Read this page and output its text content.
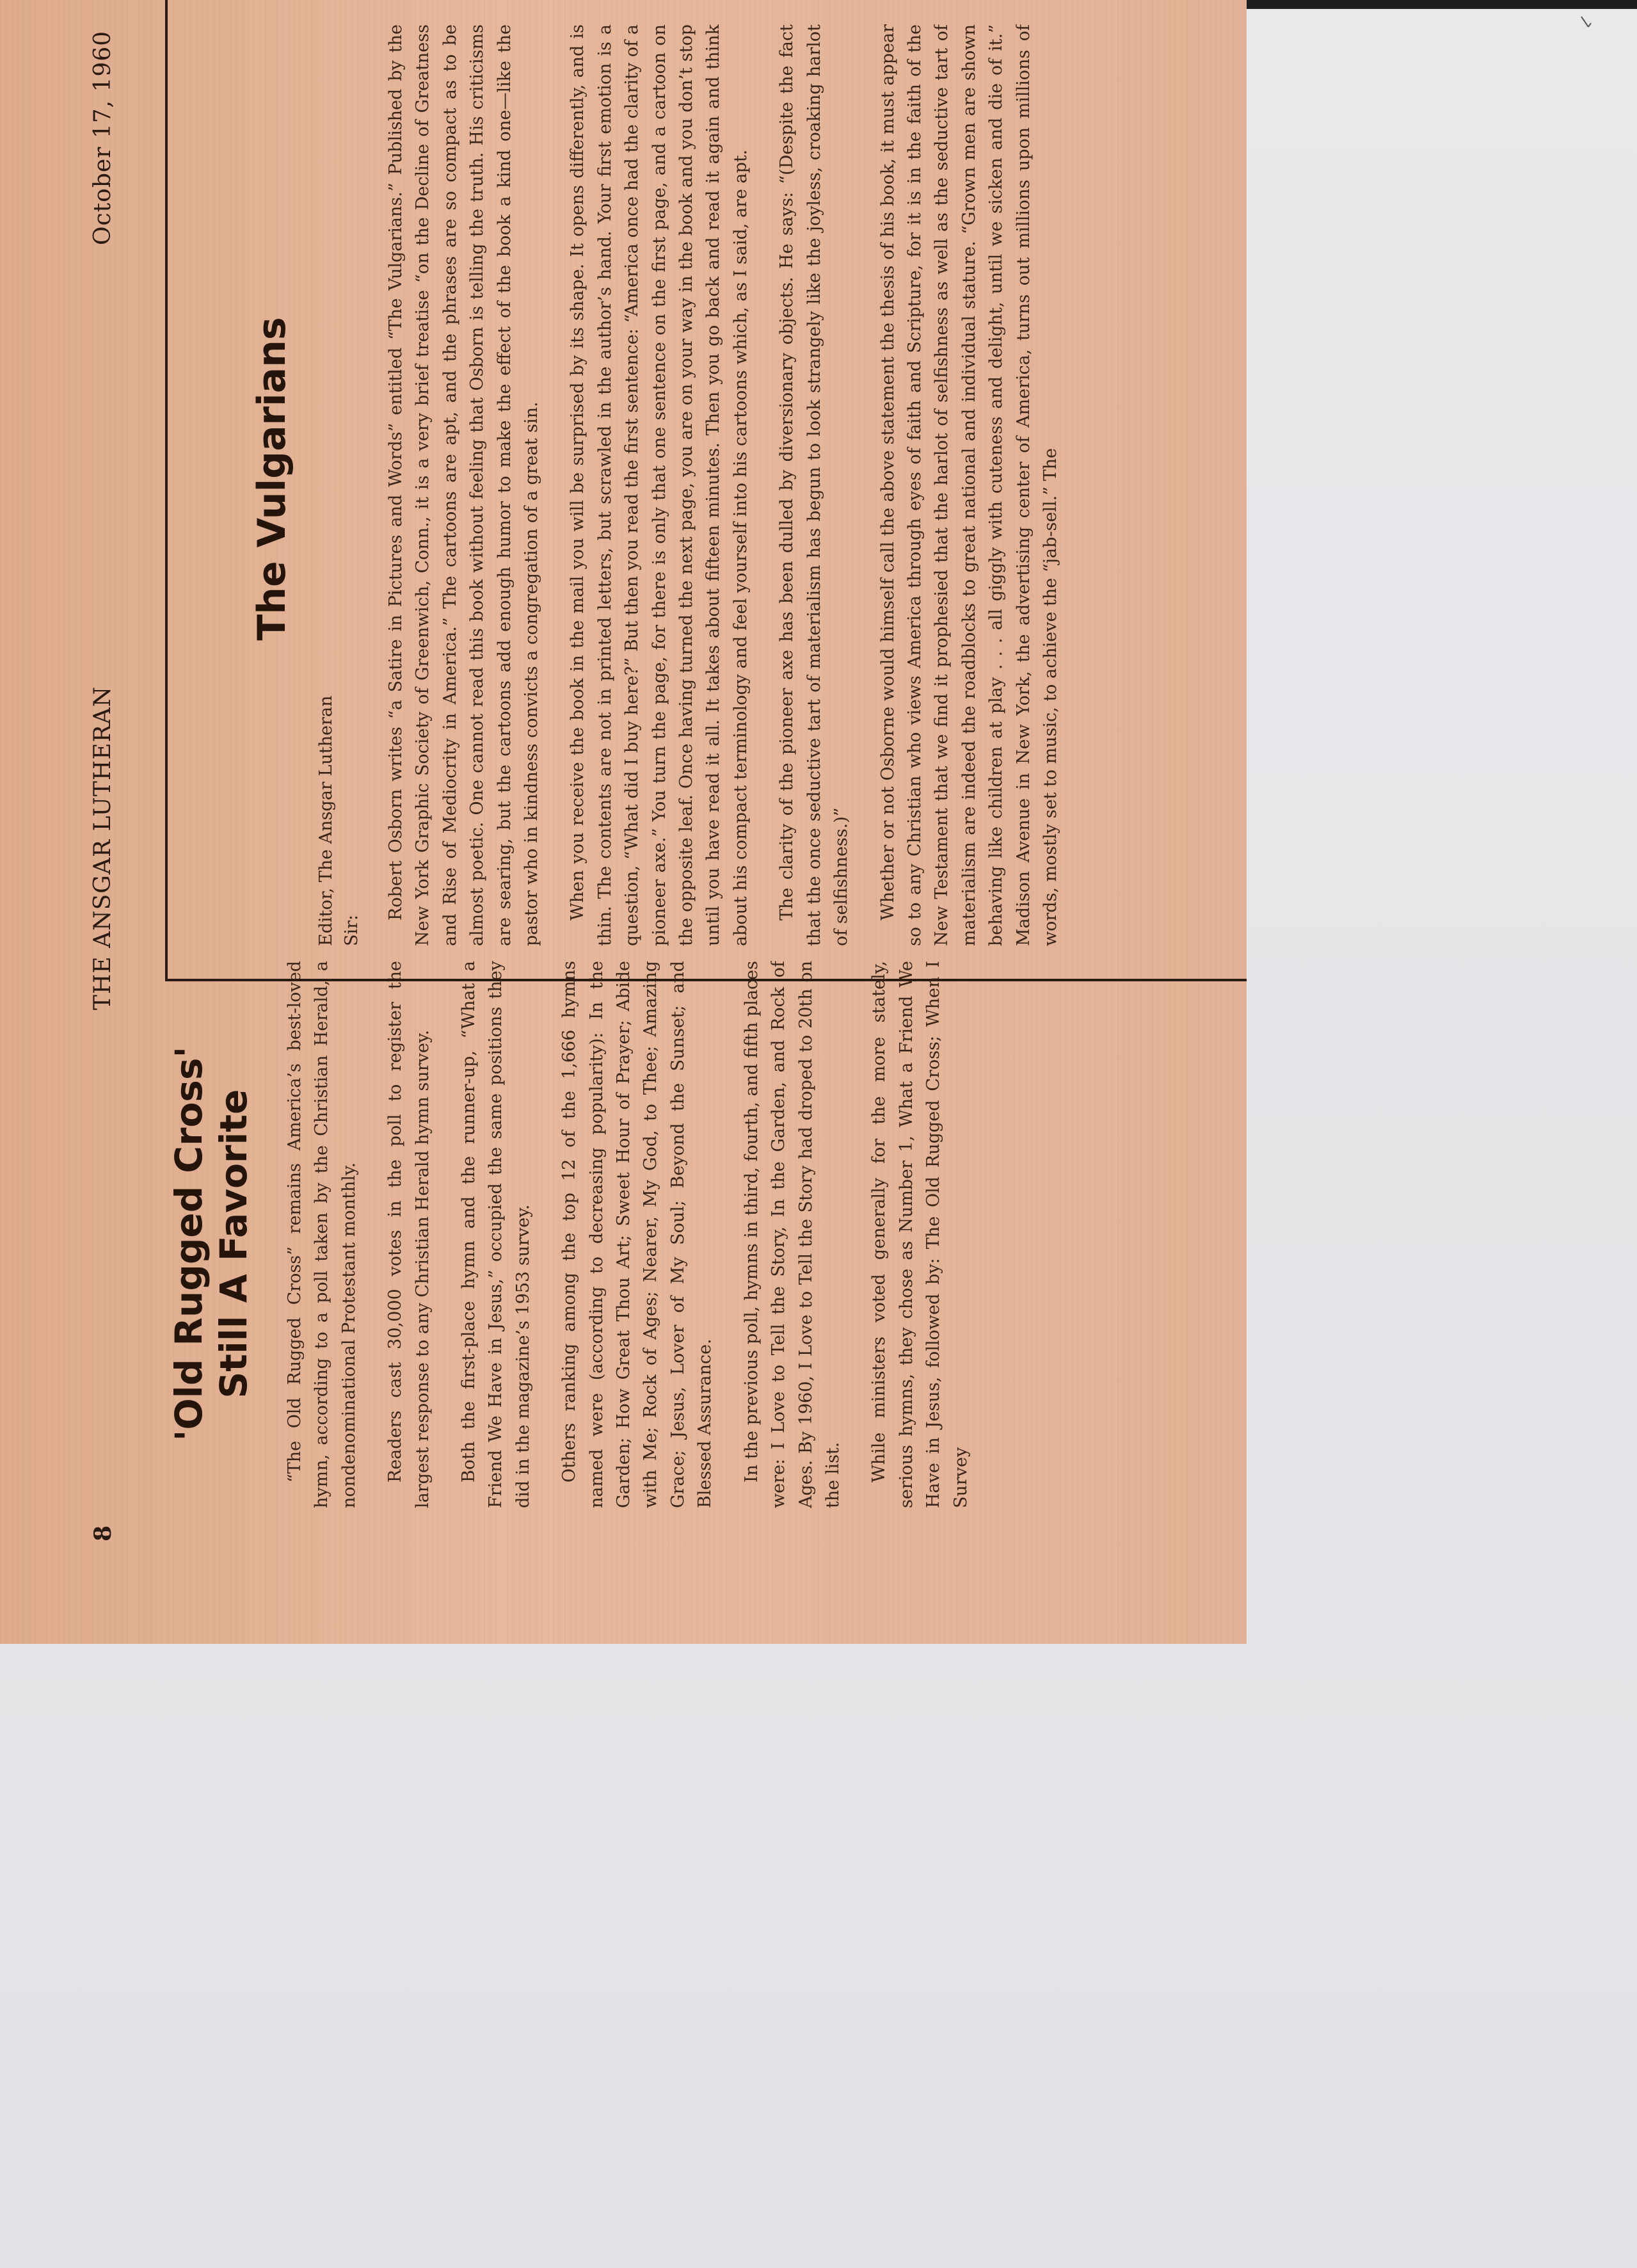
8
THE ANSGAR LUTHERAN
October 17, 1960
'Old Rugged Cross' Still A Favorite “The Old Rugged Cross” remains America’s best-loved hymn, according to a poll taken by the Christian Herald, a nondenominational Protestant monthly. Readers cast 30,000 votes in the poll to register the largest response to any Christian Herald hymn survey. Both the first-place hymn and the runner-up, “What a Friend We Have in Jesus,” occupied the same positions they did in the magazine’s 1953 survey. Others ranking among the top 12 of the 1,666 hymns named were (according to decreasing popularity): In the Garden; How Great Thou Art; Sweet Hour of Prayer; Abide with Me; Rock of Ages; Nearer, My God, to Thee; Amazing Grace; Jesus, Lover of My Soul; Beyond the Sunset; and Blessed Assurance. In the previous poll, hymns in third, fourth, and fifth places were: I Love to Tell the Story, In the Garden, and Rock of Ages. By 1960, I Love to Tell the Story had droped to 20th on the list. While ministers voted generally for the more stately, serious hymns, they chose as Number 1, What a Friend We Have in Jesus, followed by: The Old Rugged Cross; When I Survey

The Vulgarians
Editor, The Ansgar Lutheran Sir:

Robert Osborn writes “a Satire in Pictures and Words” entitled “The Vulgarians.” Published by the New York Graphic Society of Greenwich, Conn., it is a very brief treatise “on the Decline of Greatness and Rise of Mediocrity in America.” The cartoons are apt, and the phrases are so compact as to be almost poetic. One cannot read this book without feeling that Osborn is telling the truth. His criticisms are searing, but the cartoons add enough humor to make the effect of the book a kind one—like the pastor who in kindness convicts a congregation of a great sin. When you receive the book in the mail you will be surprised by its shape. It opens differently, and is thin. The contents are not in printed letters, but scrawled in the author’s hand. Your first emotion is a question, “What did I buy here?” But then you read the first sentence: “America once had the clarity of a pioneer axe.” You turn the page, for there is only that one sentence on the first page, and a cartoon on the opposite leaf. Once having turned the next page, you are on your way in the book and you don’t stop until you have read it all. It takes about fifteen minutes. Then you go back and read it again and think about his compact terminology and feel yourself into his cartoons which, as I said, are apt. The clarity of the pioneer axe has been dulled by diversionary objects. He says: “(Despite the fact that the once seductive tart of materialism has begun to look strangely like the joyless, croaking harlot of selfishness.)” Whether or not Osborne would himself call the above statement the thesis of his book, it must appear so to any Christian who views America through eyes of faith and Scripture, for it is in the faith of the New Testament that we find it prophesied that the harlot of selfishness as well as the seductive tart of materialism are indeed the roadblocks to great national and individual stature. “Grown men are shown behaving like children at play . . . all giggly with cuteness and delight, until we sicken and die of it.” Madison Avenue in New York, the advertising center of America, turns out millions upon millions of words, mostly set to music, to achieve the “jab-sell.” The
